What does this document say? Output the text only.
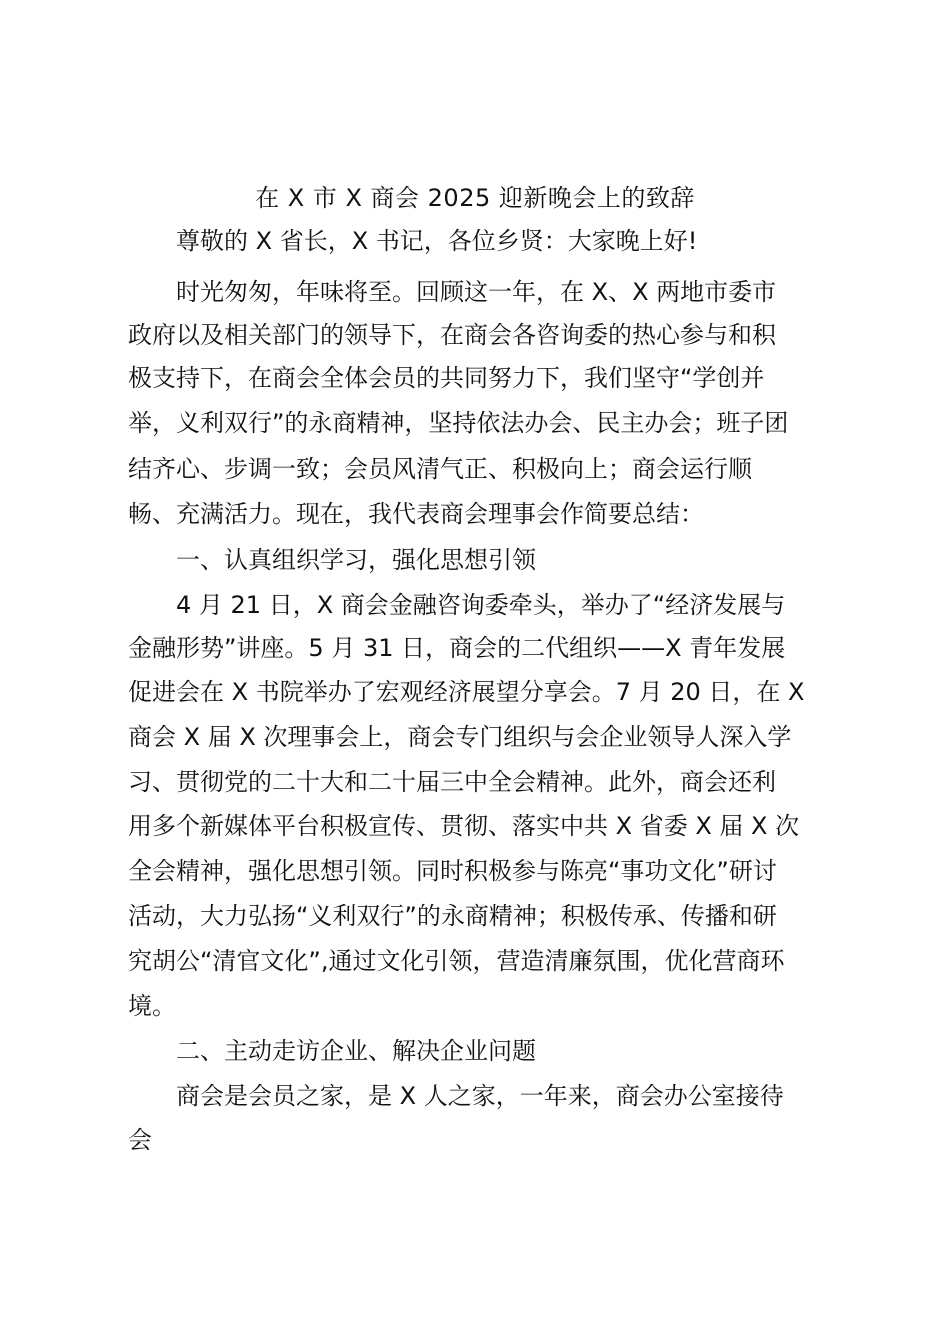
在 X 市 X 商会 2025 迎新晚会上的致辞
尊敬的 X 省长，X 书记，各位乡贤：大家晚上好!
时光匆匆，年味将至。回顾这一年，在 X、X 两地市委市
政府以及相关部门的领导下，在商会各咨询委的热心参与和积
极支持下，在商会全体会员的共同努力下，我们坚守“学创并
举，义利双行”的永商精神，坚持依法办会、民主办会；班子团
结齐心、步调一致；会员风清气正、积极向上；商会运行顺
畅、充满活力。现在，我代表商会理事会作简要总结：
一、认真组织学习，强化思想引领
4 月 21 日，X 商会金融咨询委牵头，举办了“经济发展与
金融形势”讲座。5 月 31 日，商会的二代组织——X 青年发展
促进会在 X 书院举办了宏观经济展望分享会。7 月 20 日，在 X
商会 X 届 X 次理事会上，商会专门组织与会企业领导人深入学
习、贯彻党的二十大和二十届三中全会精神。此外，商会还利
用多个新媒体平台积极宣传、贯彻、落实中共 X 省委 X 届 X 次
全会精神，强化思想引领。同时积极参与陈亮“事功文化”研讨
活动，大力弘扬“义利双行”的永商精神；积极传承、传播和研
究胡公“清官文化”,通过文化引领，营造清廉氛围，优化营商环
境。
二、主动走访企业、解决企业问题
商会是会员之家，是 X 人之家，一年来，商会办公室接待
会
